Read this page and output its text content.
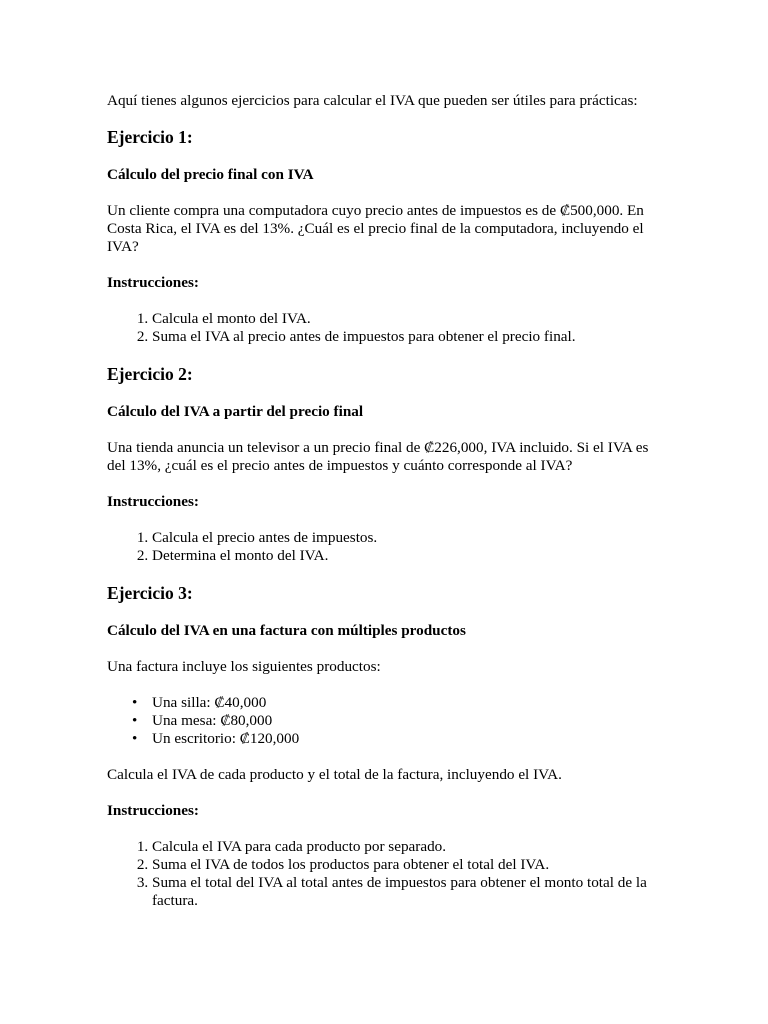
Aquí tienes algunos ejercicios para calcular el IVA que pueden ser útiles para prácticas:

Ejercicio 1:
Cálculo del precio final con IVA

Un cliente compra una computadora cuyo precio antes de impuestos es de ₡500,000. En Costa Rica, el IVA es del 13%. ¿Cuál es el precio final de la computadora, incluyendo el IVA?

Instrucciones:

1. Calcula el monto del IVA.
2. Suma el IVA al precio antes de impuestos para obtener el precio final.
Ejercicio 2:
Cálculo del IVA a partir del precio final

Una tienda anuncia un televisor a un precio final de ₡226,000, IVA incluido. Si el IVA es del 13%, ¿cuál es el precio antes de impuestos y cuánto corresponde al IVA?

Instrucciones:

1. Calcula el precio antes de impuestos.
2. Determina el monto del IVA.
Ejercicio 3:
Cálculo del IVA en una factura con múltiples productos

Una factura incluye los siguientes productos:

• Una silla: ₡40,000
• Una mesa: ₡80,000
• Un escritorio: ₡120,000

Calcula el IVA de cada producto y el total de la factura, incluyendo el IVA.

Instrucciones:

1. Calcula el IVA para cada producto por separado.
2. Suma el IVA de todos los productos para obtener el total del IVA.
3. Suma el total del IVA al total antes de impuestos para obtener el monto total de la factura.
